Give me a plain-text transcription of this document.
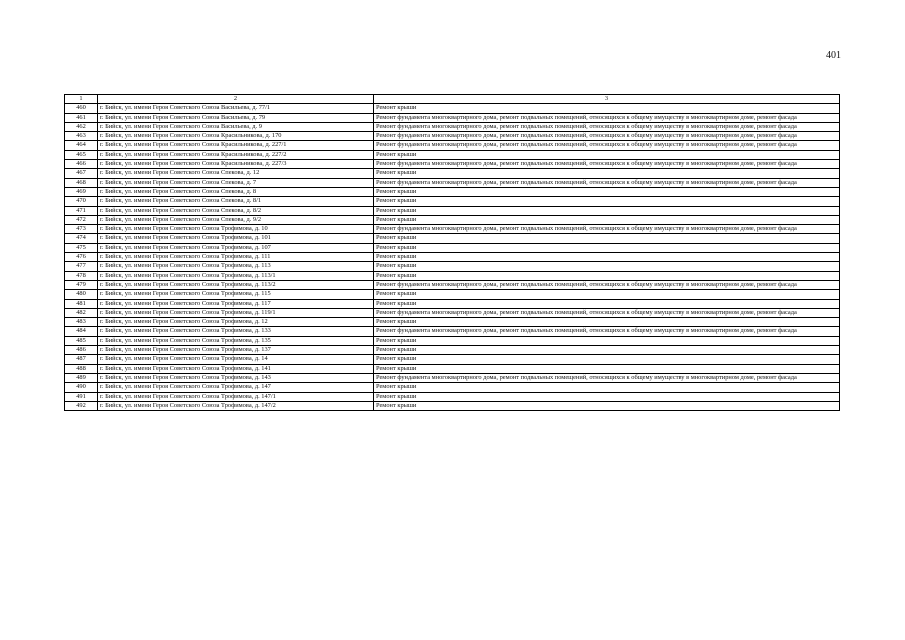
401
1	2	3
460	г. Бийск, ул. имени Героя Советского Союза Васильева, д. 77/1	Ремонт крыши
461	г. Бийск, ул. имени Героя Советского Союза Васильева, д. 79	Ремонт фундамента многоквартирного дома, ремонт подвальных помещений, относящихся к общему имуществу в многоквартирном доме, ремонт фасада
462	г. Бийск, ул. имени Героя Советского Союза Васильева, д. 9	Ремонт фундамента многоквартирного дома, ремонт подвальных помещений, относящихся к общему имуществу в многоквартирном доме, ремонт фасада
463	г. Бийск, ул. имени Героя Советского Союза Красильникова, д. 170	Ремонт фундамента многоквартирного дома, ремонт подвальных помещений, относящихся к общему имуществу в многоквартирном доме, ремонт фасада
464	г. Бийск, ул. имени Героя Советского Союза Красильникова, д. 227/1	Ремонт фундамента многоквартирного дома, ремонт подвальных помещений, относящихся к общему имуществу в многоквартирном доме, ремонт фасада
465	г. Бийск, ул. имени Героя Советского Союза Красильникова, д. 227/2	Ремонт крыши
466	г. Бийск, ул. имени Героя Советского Союза Красильникова, д. 227/3	Ремонт фундамента многоквартирного дома, ремонт подвальных помещений, относящихся к общему имуществу в многоквартирном доме, ремонт фасада
467	г. Бийск, ул. имени Героя Советского Союза Спекова, д. 12	Ремонт крыши
468	г. Бийск, ул. имени Героя Советского Союза Спекова, д. 7	Ремонт фундамента многоквартирного дома, ремонт подвальных помещений, относящихся к общему имуществу в многоквартирном доме, ремонт фасада
469	г. Бийск, ул. имени Героя Советского Союза Спекова, д. 8	Ремонт крыши
470	г. Бийск, ул. имени Героя Советского Союза Спекова, д. 8/1	Ремонт крыши
471	г. Бийск, ул. имени Героя Советского Союза Спекова, д. 8/2	Ремонт крыши
472	г. Бийск, ул. имени Героя Советского Союза Спекова, д. 9/2	Ремонт крыши
473	г. Бийск, ул. имени Героя Советского Союза Трофимова, д. 10	Ремонт фундамента многоквартирного дома, ремонт подвальных помещений, относящихся к общему имуществу в многоквартирном доме, ремонт фасада
474	г. Бийск, ул. имени Героя Советского Союза Трофимова, д. 101	Ремонт крыши
475	г. Бийск, ул. имени Героя Советского Союза Трофимова, д. 107	Ремонт крыши
476	г. Бийск, ул. имени Героя Советского Союза Трофимова, д. 111	Ремонт крыши
477	г. Бийск, ул. имени Героя Советского Союза Трофимова, д. 113	Ремонт крыши
478	г. Бийск, ул. имени Героя Советского Союза Трофимова, д. 113/1	Ремонт крыши
479	г. Бийск, ул. имени Героя Советского Союза Трофимова, д. 113/2	Ремонт фундамента многоквартирного дома, ремонт подвальных помещений, относящихся к общему имуществу в многоквартирном доме, ремонт фасада
480	г. Бийск, ул. имени Героя Советского Союза Трофимова, д. 115	Ремонт крыши
481	г. Бийск, ул. имени Героя Советского Союза Трофимова, д. 117	Ремонт крыши
482	г. Бийск, ул. имени Героя Советского Союза Трофимова, д. 119/1	Ремонт фундамента многоквартирного дома, ремонт подвальных помещений, относящихся к общему имуществу в многоквартирном доме, ремонт фасада
483	г. Бийск, ул. имени Героя Советского Союза Трофимова, д. 12	Ремонт крыши
484	г. Бийск, ул. имени Героя Советского Союза Трофимова, д. 133	Ремонт фундамента многоквартирного дома, ремонт подвальных помещений, относящихся к общему имуществу в многоквартирном доме, ремонт фасада
485	г. Бийск, ул. имени Героя Советского Союза Трофимова, д. 135	Ремонт крыши
486	г. Бийск, ул. имени Героя Советского Союза Трофимова, д. 137	Ремонт крыши
487	г. Бийск, ул. имени Героя Советского Союза Трофимова, д. 14	Ремонт крыши
488	г. Бийск, ул. имени Героя Советского Союза Трофимова, д. 141	Ремонт крыши
489	г. Бийск, ул. имени Героя Советского Союза Трофимова, д. 143	Ремонт фундамента многоквартирного дома, ремонт подвальных помещений, относящихся к общему имуществу в многоквартирном доме, ремонт фасада
490	г. Бийск, ул. имени Героя Советского Союза Трофимова, д. 147	Ремонт крыши
491	г. Бийск, ул. имени Героя Советского Союза Трофимова, д. 147/1	Ремонт крыши
492	г. Бийск, ул. имени Героя Советского Союза Трофимова, д. 147/2	Ремонт крыши
